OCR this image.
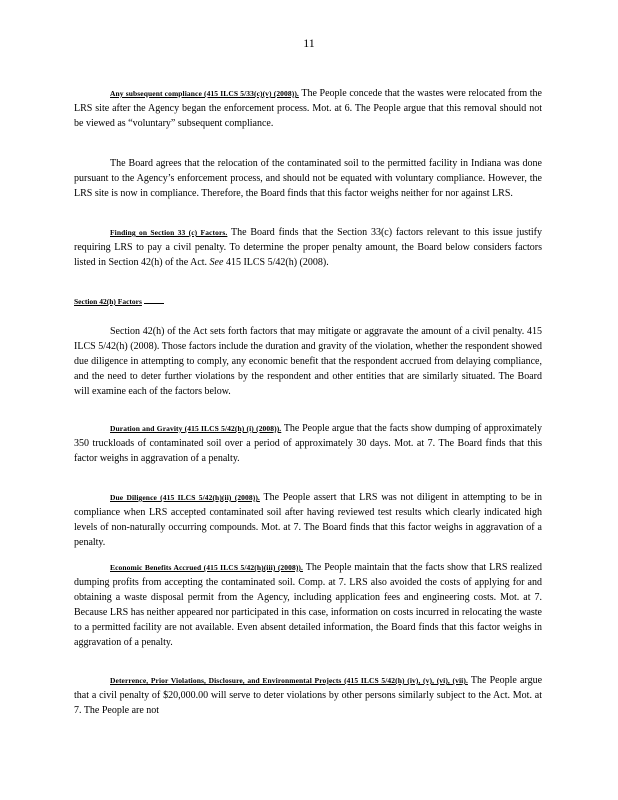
11

Any subsequent compliance (415 ILCS 5/33(c)(v) (2008)). The People concede that the wastes were relocated from the LRS site after the Agency began the enforcement process. Mot. at 6. The People argue that this removal should not be viewed as “voluntary” subsequent compliance.

The Board agrees that the relocation of the contaminated soil to the permitted facility in Indiana was done pursuant to the Agency’s enforcement process, and should not be equated with voluntary compliance. However, the LRS site is now in compliance. Therefore, the Board finds that this factor weighs neither for nor against LRS.

Finding on Section 33 (c) Factors. The Board finds that the Section 33(c) factors relevant to this issue justify requiring LRS to pay a civil penalty. To determine the proper penalty amount, the Board below considers factors listed in Section 42(h) of the Act. See 415 ILCS 5/42(h) (2008).

Section 42(h) Factors

Section 42(h) of the Act sets forth factors that may mitigate or aggravate the amount of a civil penalty. 415 ILCS 5/42(h) (2008). Those factors include the duration and gravity of the violation, whether the respondent showed due diligence in attempting to comply, any economic benefit that the respondent accrued from delaying compliance, and the need to deter further violations by the respondent and other entities that are similarly situated. The Board will examine each of the factors below.

Duration and Gravity (415 ILCS 5/42(h) (i) (2008)). The People argue that the facts show dumping of approximately 350 truckloads of contaminated soil over a period of approximately 30 days. Mot. at 7. The Board finds that this factor weighs in aggravation of a penalty.

Due Diligence (415 ILCS 5/42(h)(ii) (2008)). The People assert that LRS was not diligent in attempting to be in compliance when LRS accepted contaminated soil after having reviewed test results which clearly indicated high levels of non-naturally occurring compounds. Mot. at 7. The Board finds that this factor weighs in aggravation of a penalty.

Economic Benefits Accrued (415 ILCS 5/42(h)(iii) (2008)). The People maintain that the facts show that LRS realized dumping profits from accepting the contaminated soil. Comp. at 7. LRS also avoided the costs of applying for and obtaining a waste disposal permit from the Agency, including application fees and engineering costs. Mot. at 7. Because LRS has neither appeared nor participated in this case, information on costs incurred in relocating the waste to a permitted facility are not available. Even absent detailed information, the Board finds that this factor weighs in aggravation of a penalty.

Deterrence, Prior Violations, Disclosure, and Environmental Projects (415 ILCS 5/42(h) (iv), (v), (vi), (vii). The People argue that a civil penalty of $20,000.00 will serve to deter violations by other persons similarly subject to the Act. Mot. at 7. The People are not
